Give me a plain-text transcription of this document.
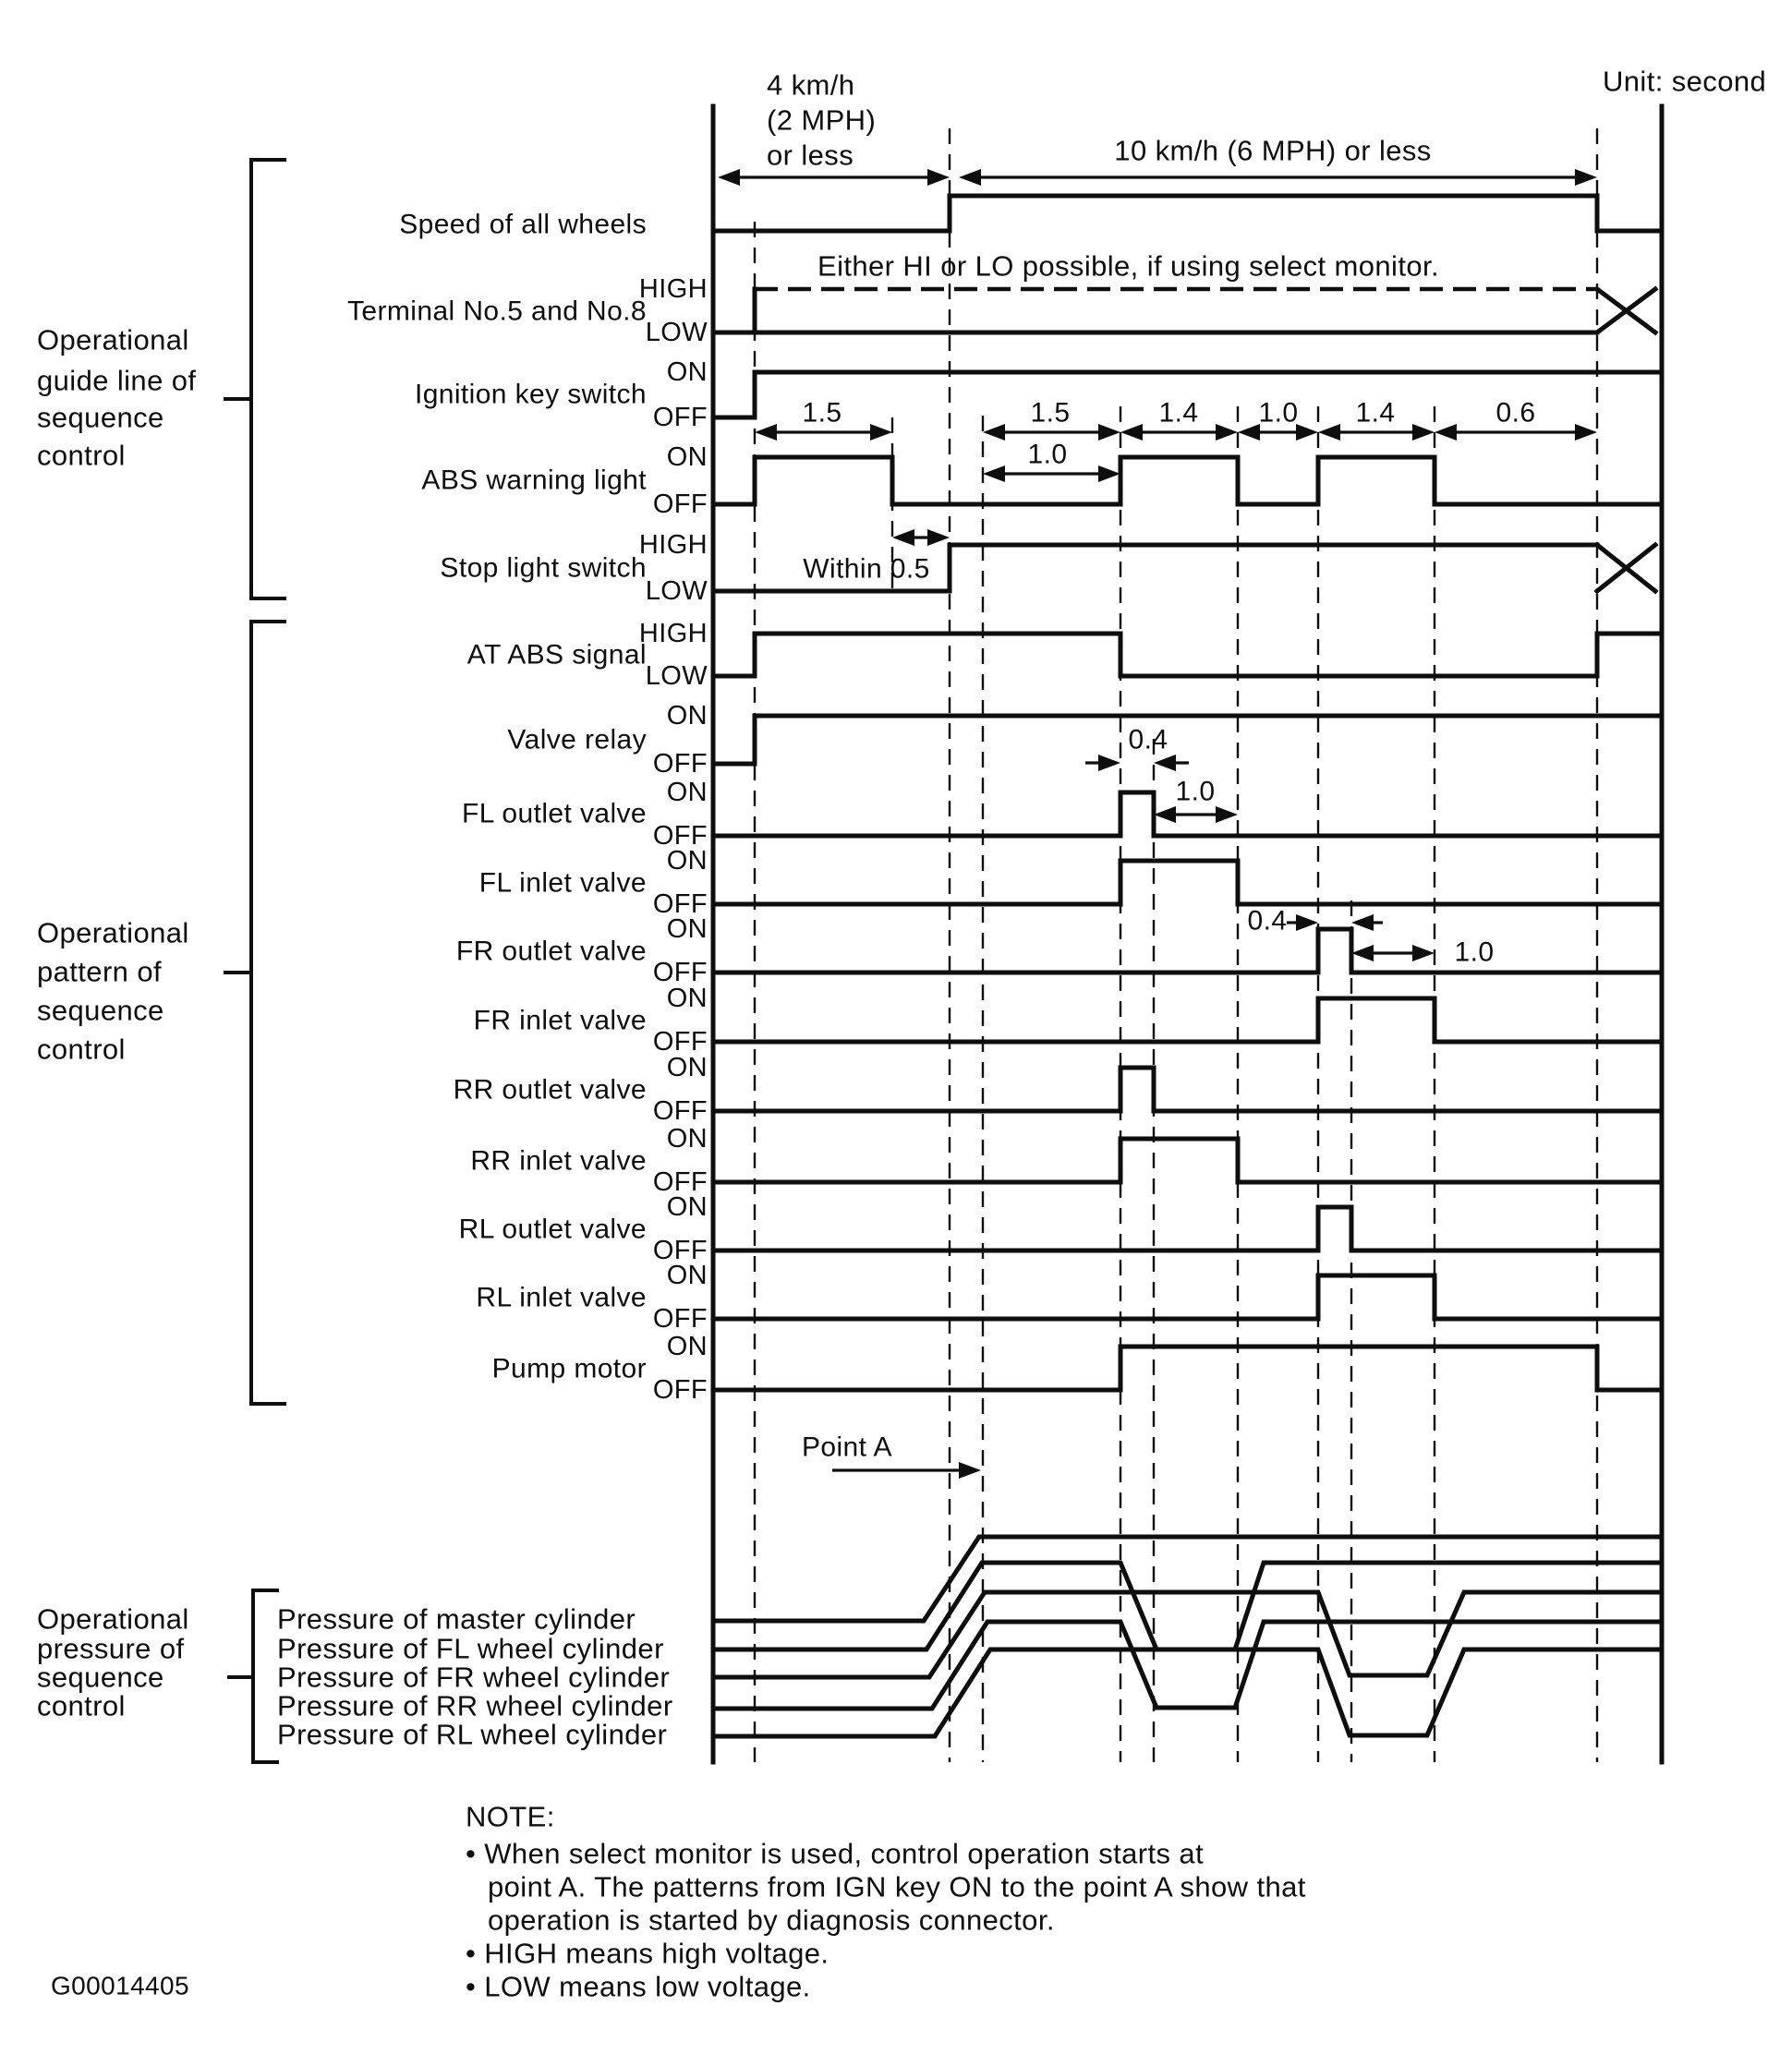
4 km/h
(2 MPH)
or less	10 km/h (6 MPH) or less
Unit: second
Speed of all wheels
Terminal No.5 and No.8
HIGH
LOW
Ignition key switch
ON
OFF
ABS warning light
ON
OFF
Stop light switch
HIGH
LOW
AT ABS signal
HIGH
LOW
Valve relay
ON
OFF
FL outlet valve
ON
OFF
FL inlet valve
ON
OFF
FR outlet valve
ON
OFF
FR inlet valve
ON
OFF
RR outlet valve
ON
OFF
RR inlet valve
ON
OFF
RL outlet valve
ON
OFF
RL inlet valve
ON
OFF
Pump motor
ON
OFF
Either HI or LO possible, if using select monitor.
1.5	1.5	1.4 1.0 1.4	0.6
1.0
Within 0.5
0.4
1.0
0.4
1.0
Point A
Pressure of master cylinder
Pressure of FL wheel cylinder
Pressure of FR wheel cylinder
Pressure of RR wheel cylinder
Pressure of RL wheel cylinder
Operational
guide line of
sequence
control
Operational
pattern of
sequence
control
Operational
pressure of
sequence
control
NOTE:
• When select monitor is used, control operation starts at
point A. The patterns from IGN key ON to the point A show that
operation is started by diagnosis connector.
• HIGH means high voltage.
• LOW means low voltage.
G00014405
